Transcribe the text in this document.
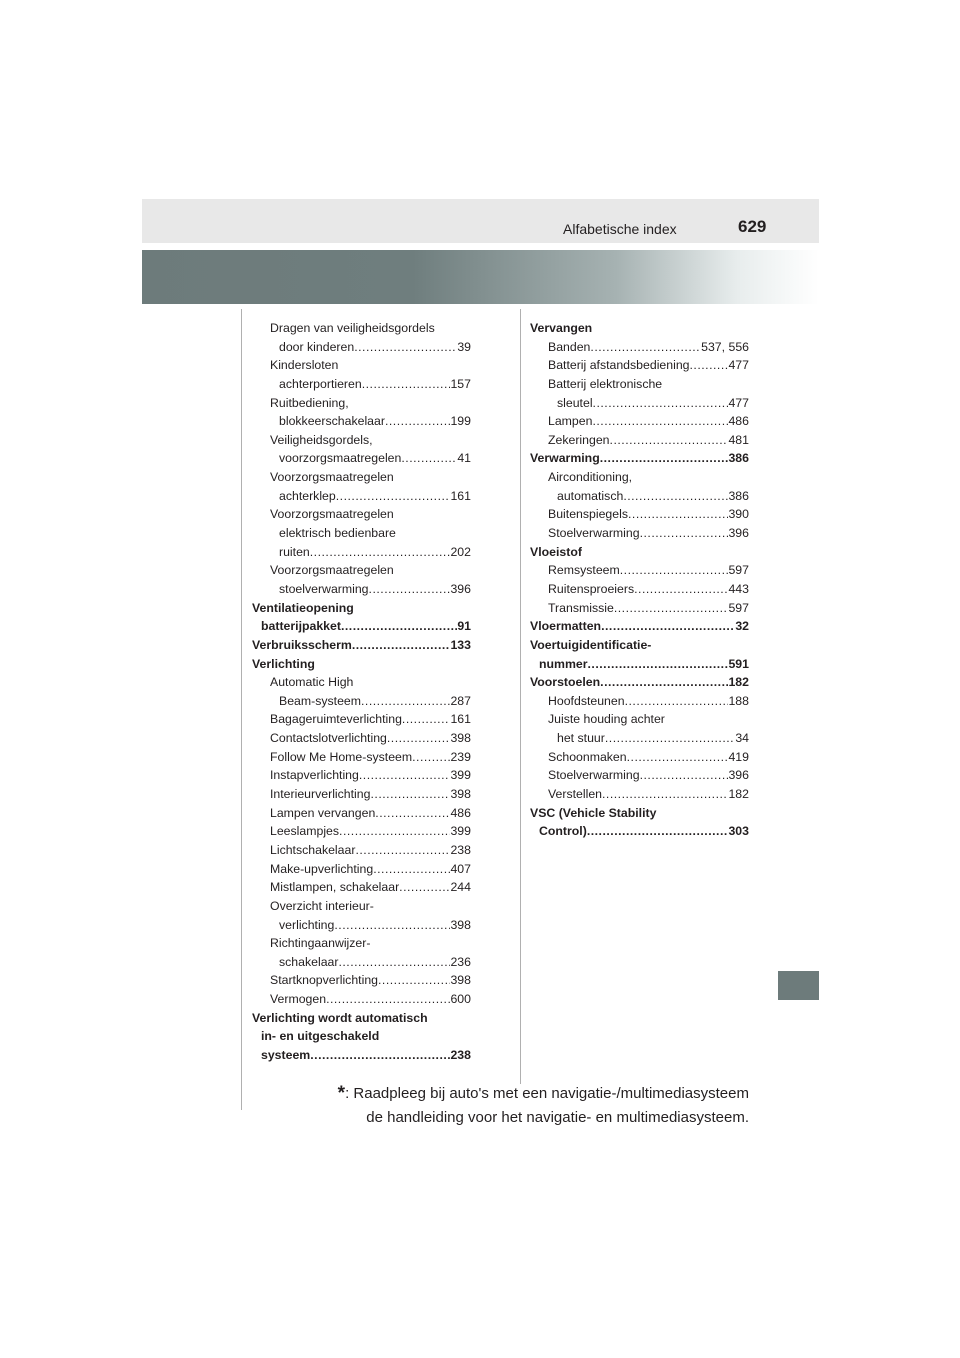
Alfabetische index	629
Dragen van veiligheidsgordels
door kinderen .....	39
Kindersloten
achterportieren .....	157
Ruitbediening,
blokkeerschakelaar .....	199
Veiligheidsgordels,
voorzorgsmaatregelen .....	41
Voorzorgsmaatregelen
achterklep .....	161
Voorzorgsmaatregelen
elektrisch bedienbare
ruiten .....	202
Voorzorgsmaatregelen
stoelverwarming .....	396
Ventilatieopening
batterijpakket .....	91
Verbruiksscherm .....	133
Verlichting
Automatic High
Beam-systeem .....	287
Bagageruimteverlichting .....	161
Contactslotverlichting .....	398
Follow Me Home-systeem .....	239
Instapverlichting .....	399
Interieurverlichting .....	398
Lampen vervangen .....	486
Leeslampjes .....	399
Lichtschakelaar .....	238
Make-upverlichting .....	407
Mistlampen, schakelaar .....	244
Overzicht interieur-
verlichting .....	398
Richtingaanwijzer-
schakelaar .....	236
Startknopverlichting .....	398
Vermogen .....	600
Verlichting wordt automatisch
in- en uitgeschakeld
systeem .....	238
Vervangen
Banden .....	537, 556
Batterij afstandsbediening .....	477
Batterij elektronische
sleutel .....	477
Lampen .....	486
Zekeringen .....	481
Verwarming .....	386
Airconditioning,
automatisch .....	386
Buitenspiegels .....	390
Stoelverwarming .....	396
Vloeistof
Remsysteem .....	597
Ruitensproeiers .....	443
Transmissie .....	597
Vloermatten .....	32
Voertuigidentificatie-
nummer .....	591
Voorstoelen .....	182
Hoofdsteunen .....	188
Juiste houding achter
het stuur .....	34
Schoonmaken .....	419
Stoelverwarming .....	396
Verstellen .....	182
VSC (Vehicle Stability
Control) .....	303
*: Raadpleeg bij auto's met een navigatie-/multimediasysteem
de handleiding voor het navigatie- en multimediasysteem.
